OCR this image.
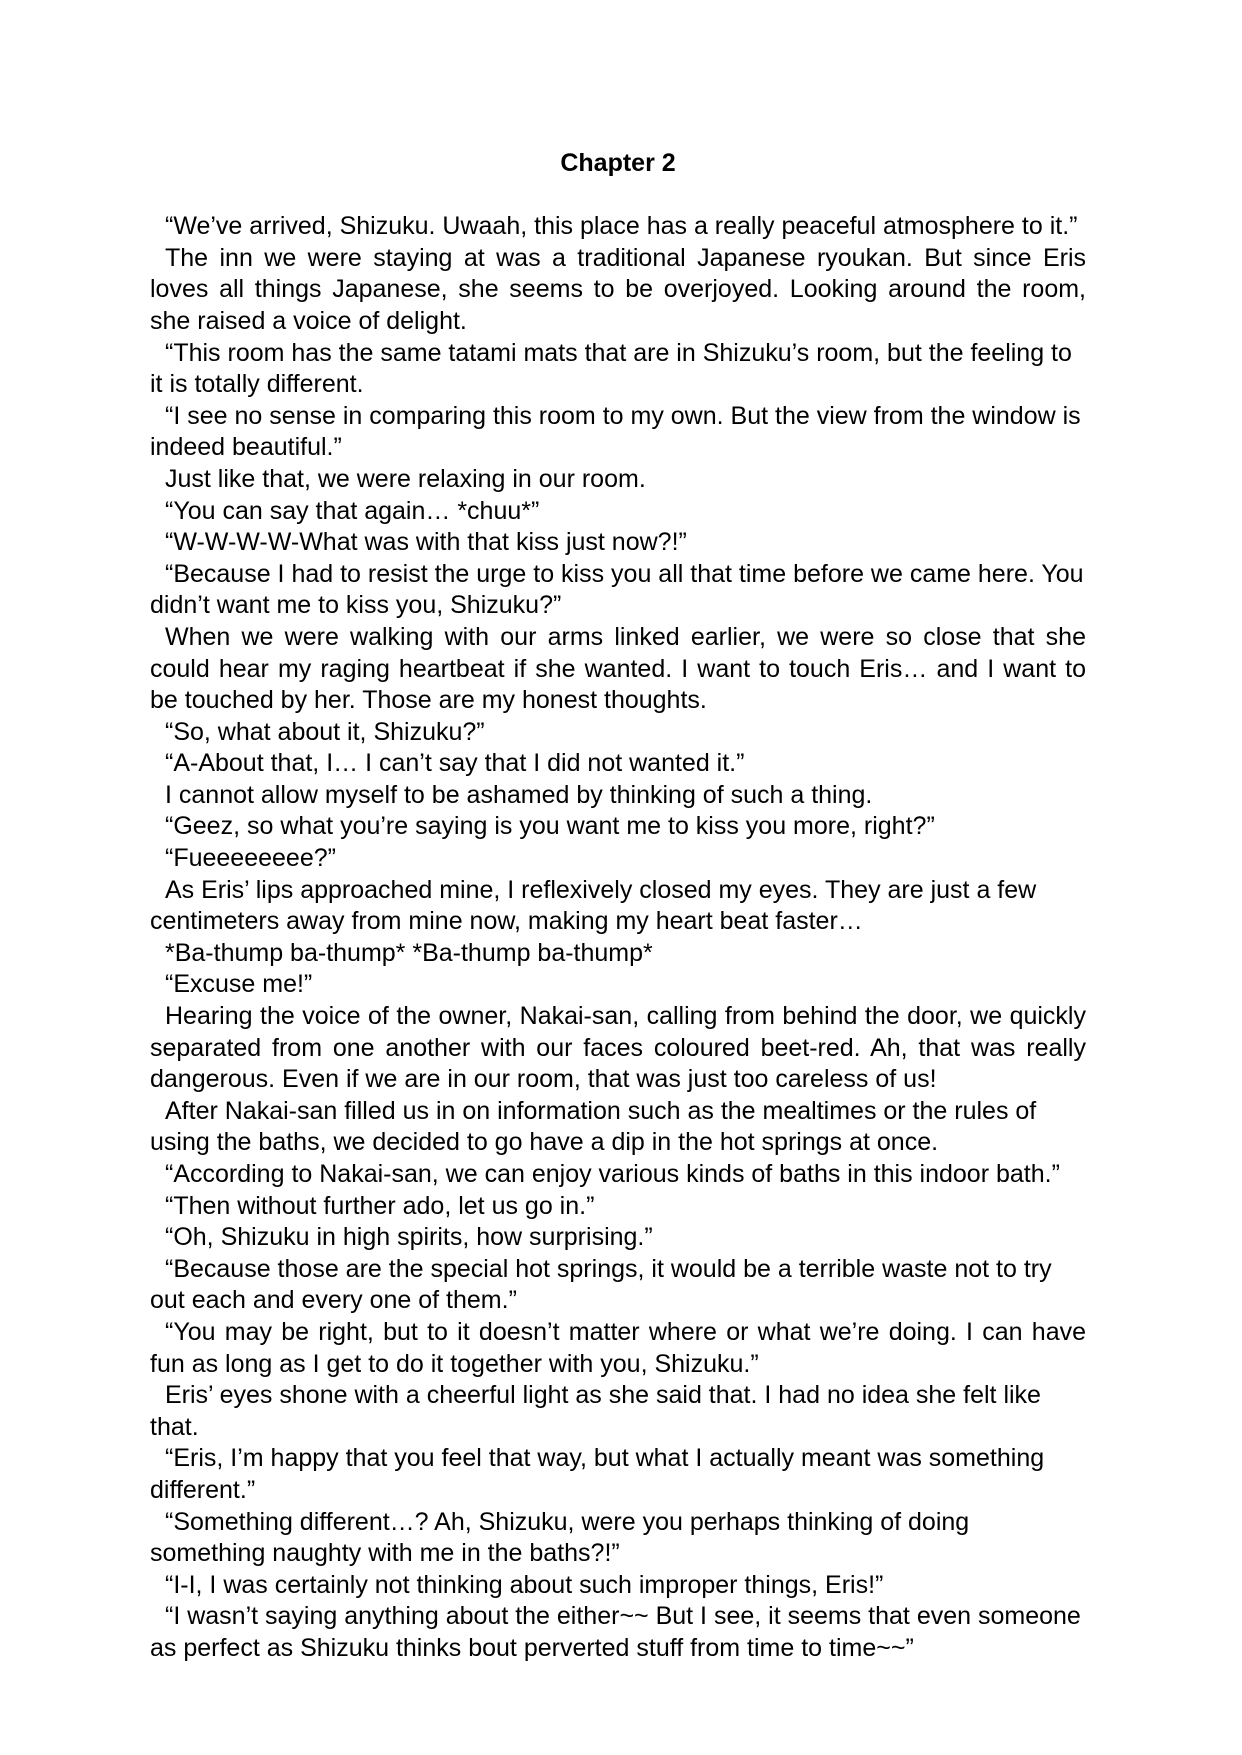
Chapter 2

“We’ve arrived, Shizuku. Uwaah, this place has a really peaceful atmosphere to it.”

The inn we were staying at was a traditional Japanese ryoukan. But since Eris loves all things Japanese, she seems to be overjoyed. Looking around the room, she raised a voice of delight.

“This room has the same tatami mats that are in Shizuku’s room, but the feeling to it is totally different.

“I see no sense in comparing this room to my own. But the view from the window is indeed beautiful.”

Just like that, we were relaxing in our room.

“You can say that again… *chuu*”

“W-W-W-W-What was with that kiss just now?!”

“Because I had to resist the urge to kiss you all that time before we came here. You didn’t want me to kiss you, Shizuku?”

When we were walking with our arms linked earlier, we were so close that she could hear my raging heartbeat if she wanted. I want to touch Eris… and I want to be touched by her. Those are my honest thoughts.

“So, what about it, Shizuku?”

“A-About that, I… I can’t say that I did not wanted it.”

I cannot allow myself to be ashamed by thinking of such a thing.

“Geez, so what you’re saying is you want me to kiss you more, right?”

“Fueeeeeeee?”

As Eris’ lips approached mine, I reflexively closed my eyes. They are just a few centimeters away from mine now, making my heart beat faster…

*Ba-thump ba-thump* *Ba-thump ba-thump*

“Excuse me!”

Hearing the voice of the owner, Nakai-san, calling from behind the door, we quickly separated from one another with our faces coloured beet-red. Ah, that was really dangerous. Even if we are in our room, that was just too careless of us!

After Nakai-san filled us in on information such as the mealtimes or the rules of using the baths, we decided to go have a dip in the hot springs at once.

“According to Nakai-san, we can enjoy various kinds of baths in this indoor bath.”

“Then without further ado, let us go in.”

“Oh, Shizuku in high spirits, how surprising.”

“Because those are the special hot springs, it would be a terrible waste not to try out each and every one of them.”

“You may be right, but to it doesn’t matter where or what we’re doing. I can have fun as long as I get to do it together with you, Shizuku.”

Eris’ eyes shone with a cheerful light as she said that. I had no idea she felt like that.

“Eris, I’m happy that you feel that way, but what I actually meant was something different.”

“Something different…? Ah, Shizuku, were you perhaps thinking of doing something naughty with me in the baths?!”

“I-I, I was certainly not thinking about such improper things, Eris!”

“I wasn’t saying anything about the either~~ But I see, it seems that even someone as perfect as Shizuku thinks bout perverted stuff from time to time~~”
